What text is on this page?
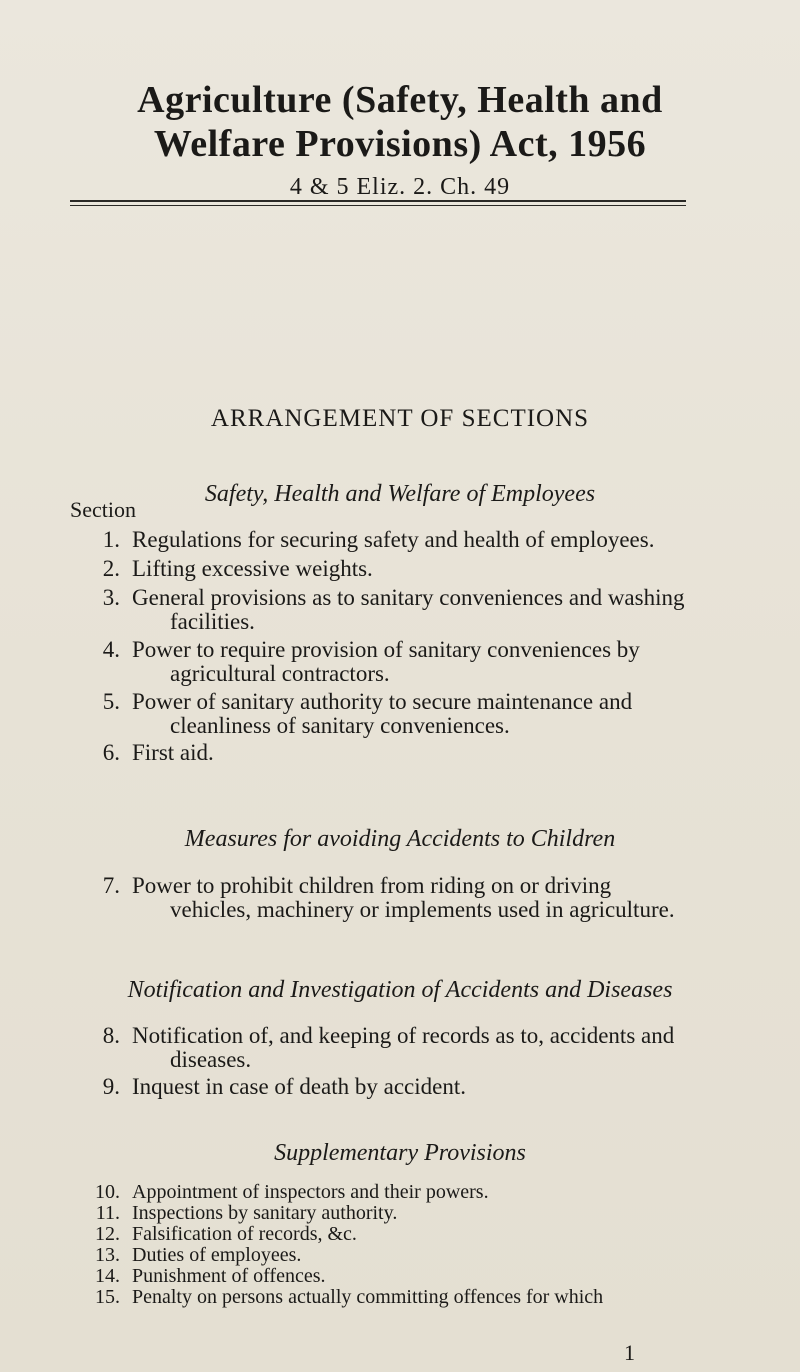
Agriculture (Safety, Health and
Welfare Provisions) Act, 1956
4 & 5 Eliz. 2. Ch. 49
ARRANGEMENT OF SECTIONS
Safety, Health and Welfare of Employees
Section
1. Regulations for securing safety and health of employees.
2. Lifting excessive weights.
3. General provisions as to sanitary conveniences and washing
facilities.
4. Power to require provision of sanitary conveniences by
agricultural contractors.
5. Power of sanitary authority to secure maintenance and
cleanliness of sanitary conveniences.
6. First aid.
Measures for avoiding Accidents to Children
7. Power to prohibit children from riding on or driving
vehicles, machinery or implements used in agriculture.
Notification and Investigation of Accidents and Diseases
8. Notification of, and keeping of records as to, accidents and
diseases.
9. Inquest in case of death by accident.
Supplementary Provisions
10. Appointment of inspectors and their powers.
11. Inspections by sanitary authority.
12. Falsification of records, &c.
13. Duties of employees.
14. Punishment of offences.
15. Penalty on persons actually committing offences for which
1
